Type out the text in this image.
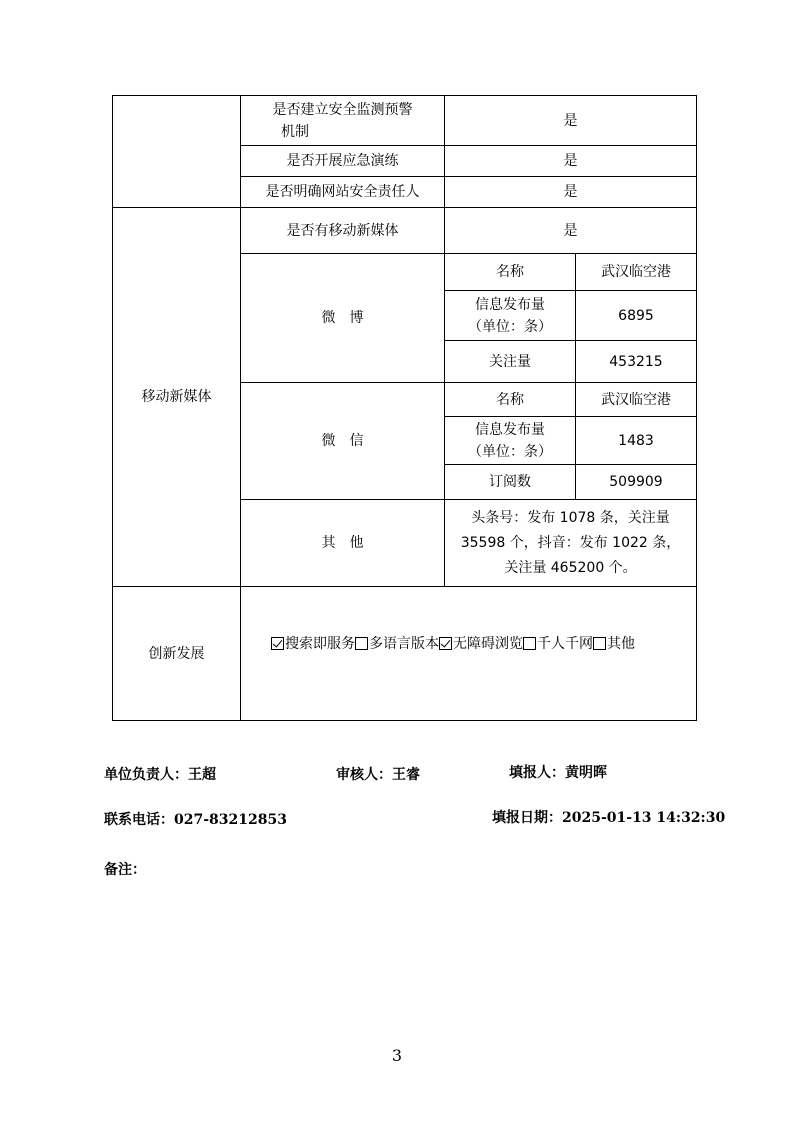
	是否建立安全监测预警
机制	是	
	是否开展应急演练	是	
	是否明确网站安全责任人	是	
移动新媒体	是否有移动新媒体	是	
	微　博	名称	武汉临空港

		信息发布量
（单位：条）	6895
		关注量	453215
	微　信	名称	武汉临空港

		信息发布量
（单位：条）	1483
		订阅数	509909
	其　他	头条号：发布 1078 条，关注量
35598 个，抖音：发布 1022 条，
关注量 465200 个。	

创新发展	搜索即服务 多语言版本 无障碍浏览 千人千网 其他		
单位负责人：王超	审核人：王睿	填报人：黄明晖
联系电话：027-83212853	填报日期：2025-01-13 14:32:30
备注：
3
